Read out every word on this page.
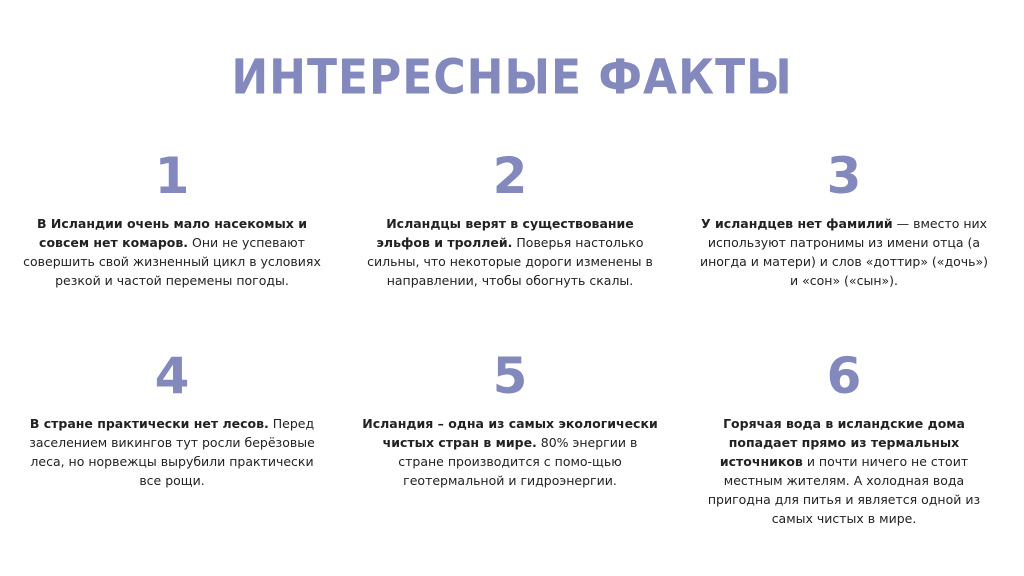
ИНТЕРЕСНЫЕ ФАКТЫ
1
В Исландии очень мало насекомых и совсем нет комаров. Они не успевают совершить свой жизненный цикл в условиях резкой и частой перемены погоды.
2
Исландцы верят в существование эльфов и троллей. Поверья настолько сильны, что некоторые дороги изменены в направлении, чтобы обогнуть скалы.
3
У исландцев нет фамилий — вместо них используют патронимы из имени отца (а иногда и матери) и слов «доттир» («дочь») и «сон» («сын»).
4
В стране практически нет лесов. Перед заселением викингов тут росли берёзовые леса, но норвежцы вырубили практически все рощи.
5
Исландия – одна из самых экологически чистых стран в мире. 80% энергии в стране производится с помо-щью геотермальной и гидроэнергии.
6
Горячая вода в исландские дома попадает прямо из термальных источников и почти ничего не стоит местным жителям. А холодная вода пригодна для питья и является одной из самых чистых в мире.
